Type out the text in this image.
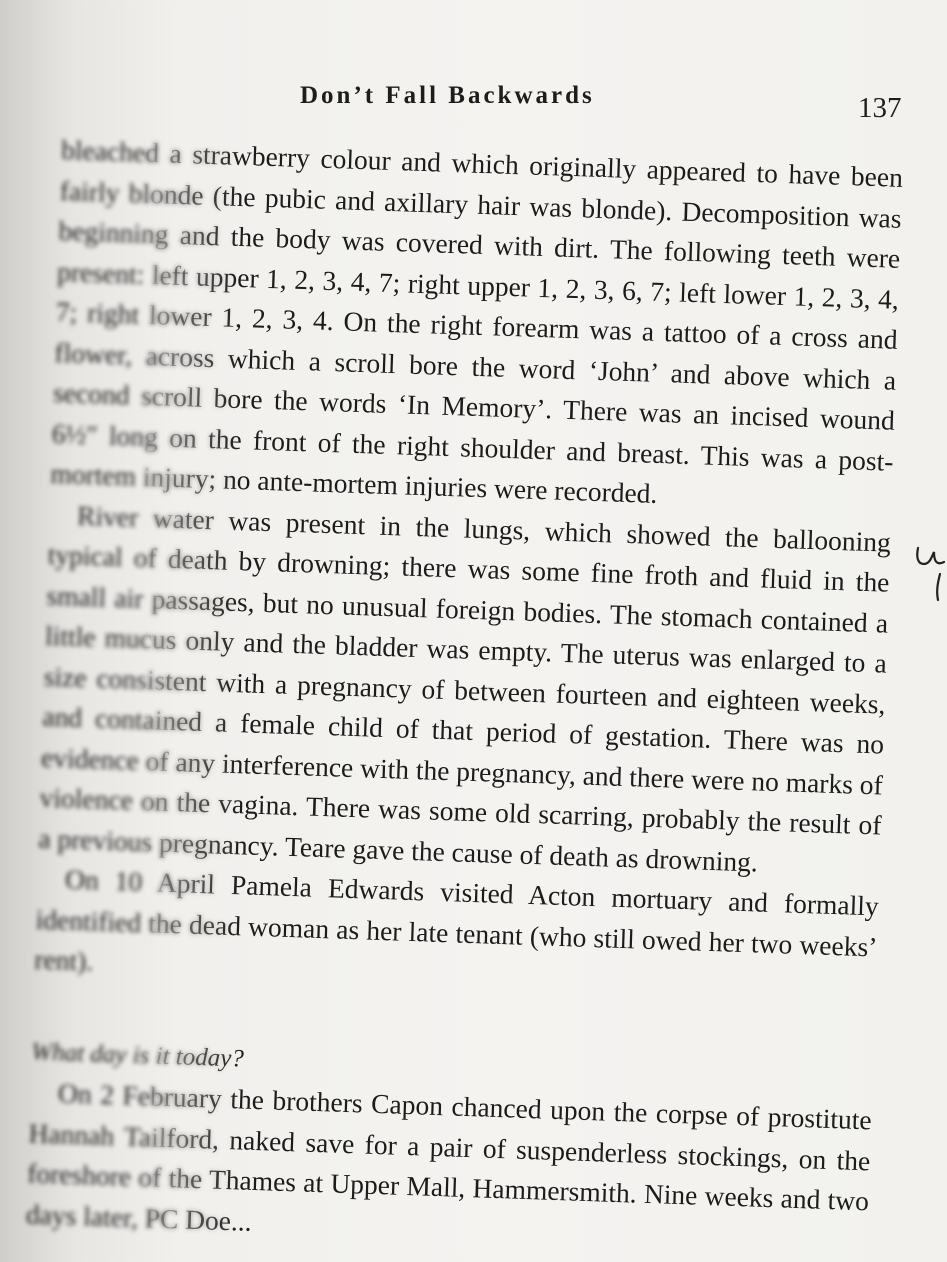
Don’t Fall Backwards	137

bleached a strawberry colour and which originally appeared to have been fairly blonde (the pubic and axillary hair was blonde). Decomposition was beginning and the body was covered with dirt. The following teeth were present: left upper 1, 2, 3, 4, 7; right upper 1, 2, 3, 6, 7; left lower 1, 2, 3, 4, 7; right lower 1, 2, 3, 4. On the right forearm was a tattoo of a cross and flower, across which a scroll bore the word ‘John’ and above which a second scroll bore the words ‘In Memory’. There was an incised wound 6½″ long on the front of the right shoulder and breast. This was a post-mortem injury; no ante-mortem injuries were recorded.

River water was present in the lungs, which showed the ballooning typical of death by drowning; there was some fine froth and fluid in the small air passages, but no unusual foreign bodies. The stomach contained a little mucus only and the bladder was empty. The uterus was enlarged to a size consistent with a pregnancy of between fourteen and eighteen weeks, and contained a female child of that period of gestation. There was no evidence of any interference with the pregnancy, and there were no marks of violence on the vagina. There was some old scarring, probably the result of a previous pregnancy. Teare gave the cause of death as drowning.

On 10 April Pamela Edwards visited Acton mortuary and formally identified the dead woman as her late tenant (who still owed her two weeks’ rent).

What day is it today?

On 2 February the brothers Capon chanced upon the corpse of prostitute Hannah Tailford, naked save for a pair of suspenderless stockings, on the foreshore of the Thames at Upper Mall, Hammersmith. Nine weeks and two days later, PC Doe...
